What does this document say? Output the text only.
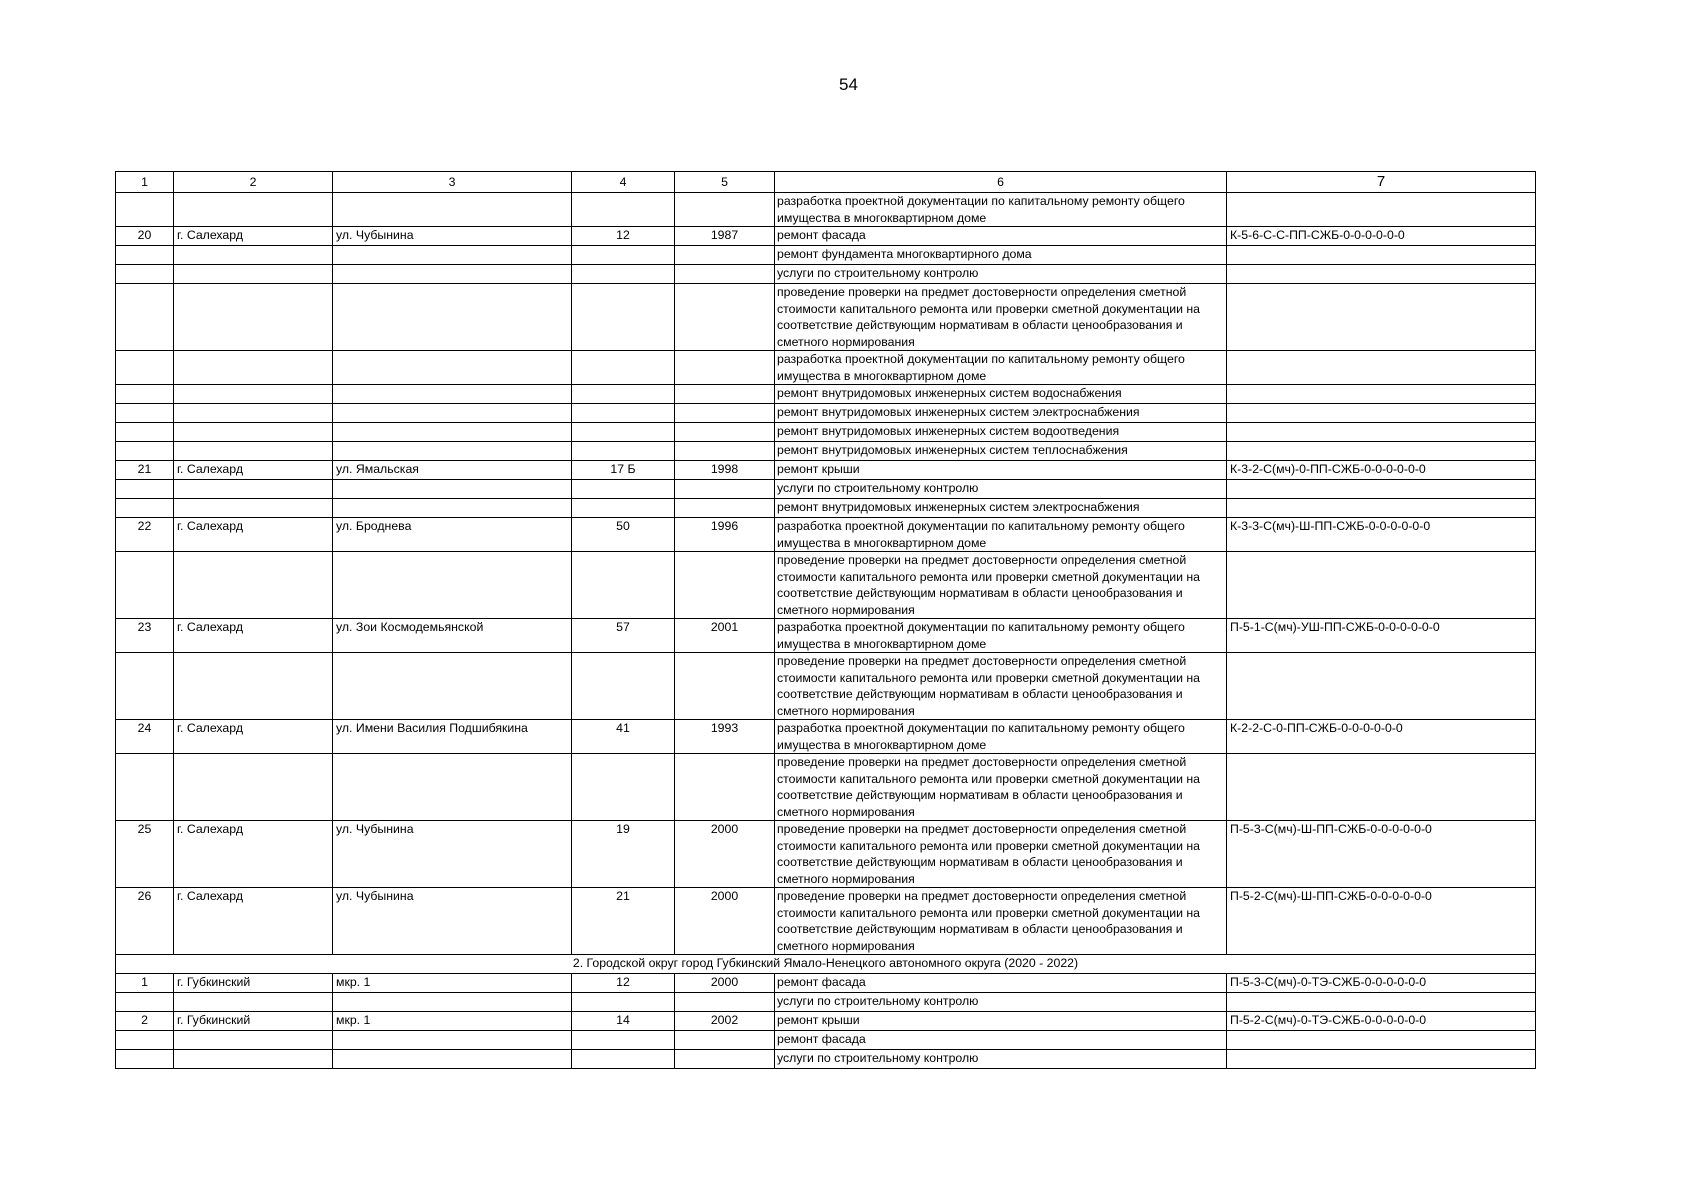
54
1	2	3	4	5	6	7
					разработка проектной документации по капитальному ремонту общего имущества в многоквартирном доме	
20	г. Салехард	ул. Чубынина	12	1987	ремонт фасада	К-5-6-С-С-ПП-СЖБ-0-0-0-0-0-0
					ремонт фундамента многоквартирного дома	
					услуги по строительному контролю	
					проведение проверки на предмет достоверности определения сметной стоимости капитального ремонта или проверки сметной документации на соответствие действующим нормативам в области ценообразования и сметного нормирования	
					разработка проектной документации по капитальному ремонту общего имущества в многоквартирном доме	
					ремонт внутридомовых инженерных систем водоснабжения	
					ремонт внутридомовых инженерных систем электроснабжения	
					ремонт внутридомовых инженерных систем водоотведения	
					ремонт внутридомовых инженерных систем теплоснабжения	
21	г. Салехард	ул. Ямальская	17 Б	1998	ремонт крыши	К-3-2-С(мч)-0-ПП-СЖБ-0-0-0-0-0-0
					услуги по строительному контролю	
					ремонт внутридомовых инженерных систем электроснабжения	
22	г. Салехард	ул. Броднева	50	1996	разработка проектной документации по капитальному ремонту общего имущества в многоквартирном доме	К-3-3-С(мч)-Ш-ПП-СЖБ-0-0-0-0-0-0
					проведение проверки на предмет достоверности определения сметной стоимости капитального ремонта или проверки сметной документации на соответствие действующим нормативам в области ценообразования и сметного нормирования	
23	г. Салехард	ул. Зои Космодемьянской	57	2001	разработка проектной документации по капитальному ремонту общего имущества в многоквартирном доме	П-5-1-С(мч)-УШ-ПП-СЖБ-0-0-0-0-0-0
					проведение проверки на предмет достоверности определения сметной стоимости капитального ремонта или проверки сметной документации на соответствие действующим нормативам в области ценообразования и сметного нормирования	
24	г. Салехард	ул. Имени Василия Подшибякина	41	1993	разработка проектной документации по капитальному ремонту общего имущества в многоквартирном доме	К-2-2-С-0-ПП-СЖБ-0-0-0-0-0-0
					проведение проверки на предмет достоверности определения сметной стоимости капитального ремонта или проверки сметной документации на соответствие действующим нормативам в области ценообразования и сметного нормирования	
25	г. Салехард	ул. Чубынина	19	2000	проведение проверки на предмет достоверности определения сметной стоимости капитального ремонта или проверки сметной документации на соответствие действующим нормативам в области ценообразования и сметного нормирования	П-5-3-С(мч)-Ш-ПП-СЖБ-0-0-0-0-0-0
26	г. Салехард	ул. Чубынина	21	2000	проведение проверки на предмет достоверности определения сметной стоимости капитального ремонта или проверки сметной документации на соответствие действующим нормативам в области ценообразования и сметного нормирования	П-5-2-С(мч)-Ш-ПП-СЖБ-0-0-0-0-0-0
2. Городской округ город Губкинский Ямало-Ненецкого автономного округа (2020 - 2022)						
1	г. Губкинский	мкр. 1	12	2000	ремонт фасада	П-5-3-С(мч)-0-ТЭ-СЖБ-0-0-0-0-0-0
					услуги по строительному контролю	
2	г. Губкинский	мкр. 1	14	2002	ремонт крыши	П-5-2-С(мч)-0-ТЭ-СЖБ-0-0-0-0-0-0
					ремонт фасада	
					услуги по строительному контролю	
